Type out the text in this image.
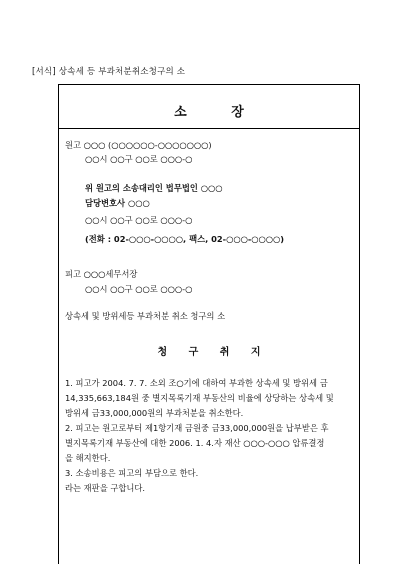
[서식] 상속세 등 부과처분취소청구의 소
소 장
원고 ○○○ (○○○○○○-○○○○○○○)
○○시 ○○구 ○○로 ○○○-○
위 원고의 소송대리인 법무법인 ○○○
담당변호사 ○○○
○○시 ○○구 ○○로 ○○○-○
(전화 : 02-○○○-○○○○, 팩스, 02-○○○-○○○○)
피고 ○○○세무서장
○○시 ○○구 ○○로 ○○○-○
상속세 및 방위세등 부과처분 취소 청구의 소
청 구 취 지
1. 피고가 2004. 7. 7. 소외 조○기에 대하여 부과한 상속세 및 방위세 금
14,335,663,184원 중 별지목록기재 부동산의 비율에 상당하는 상속세 및
방위세 금33,000,000원의 부과처분을 취소한다.
2. 피고는 원고로부터 제1항기재 금원중 금33,000,000원을 납부받은 후
별지목록기재 부동산에 대한 2006. 1. 4.자 재산 ○○○-○○○ 압류결정
을 해지한다.
3. 소송비용은 피고의 부담으로 한다.
라는 재판을 구합니다.
